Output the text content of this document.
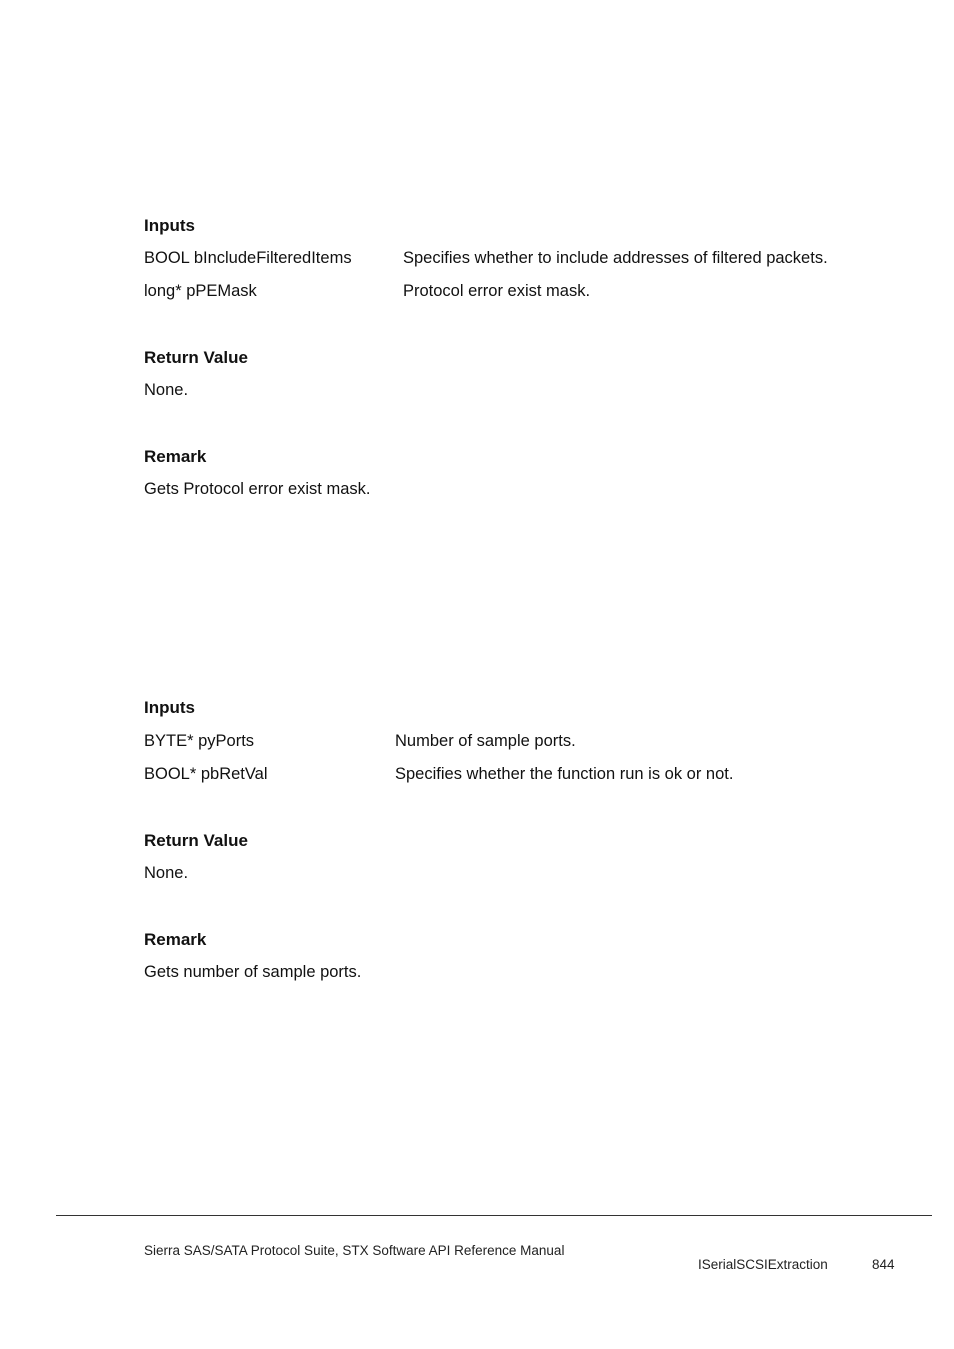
Inputs
BOOL bIncludeFilteredItems	Specifies whether to include addresses of filtered packets.
long* pPEMask	Protocol error exist mask.
Return Value
None.
Remark
Gets Protocol error exist mask.
Inputs
BYTE* pyPorts	Number of sample ports.
BOOL* pbRetVal	Specifies whether the function run is ok or not.
Return Value
None.
Remark
Gets number of sample ports.
Sierra SAS/SATA Protocol Suite, STX Software API Reference Manual
ISerialSCSIExtraction	844
